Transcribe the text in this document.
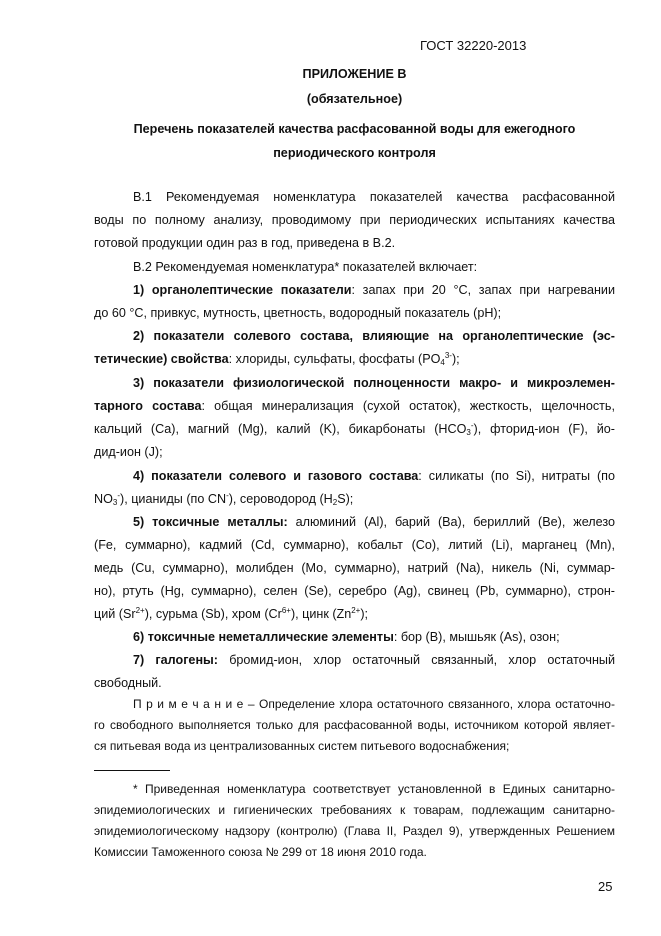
ГОСТ 32220-2013
ПРИЛОЖЕНИЕ В
(обязательное)
Перечень показателей качества расфасованной воды для ежегодного
периодического контроля
В.1 Рекомендуемая номенклатура показателей качества расфасованной
воды по полному анализу, проводимому при периодических испытаниях качества
готовой продукции один раз в год, приведена в В.2.
В.2 Рекомендуемая номенклатура* показателей включает:
1) органолептические показатели: запах при 20 °С, запах при нагревании
до 60 °С, привкус, мутность, цветность, водородный показатель (pH);
2) показатели солевого состава, влияющие на органолептические (эс-
тетические) свойства: хлориды, сульфаты, фосфаты $(PO_4^{3-})$;
3) показатели физиологической полноценности макро- и микроэлемен-
тарного состава: общая минерализация (сухой остаток), жесткость, щелочность,
кальций (Са), магний (Mg), калий (K), бикарбонаты $(HCO_3^-)$, фторид-ион (F), йо-
дид-ион (J);
4) показатели солевого и газового состава: силикаты (по Si), нитраты (по
$NO_3^-$), цианиды (по CN-), сероводород $(H_2S)$;
5) токсичные металлы: алюминий (Al), барий (Ba), бериллий (Be), железо
(Fe, суммарно), кадмий (Cd, суммарно), кобальт (Co), литий (Li), марганец (Mn),
медь (Cu, суммарно), молибден (Мо, суммарно), натрий (Na), никель (Ni, суммар-
но), ртуть (Hg, суммарно), селен (Se), серебро (Ag), свинец (Pb, суммарно), строн-
ций $(Sr^{2+})$, сурьма (Sb), хром $(Cr^{6+})$, цинк $(Zn^{2+})$;
6) токсичные неметаллические элементы: бор (B), мышьяк (As), озон;
7) галогены: бромид-ион, хлор остаточный связанный, хлор остаточный
свободный.
П р и м е ч а н и е – Определение хлора остаточного связанного, хлора остаточно-
го свободного выполняется только для расфасованной воды, источником которой являет-
ся питьевая вода из централизованных систем питьевого водоснабжения;
* Приведенная номенклатура соответствует установленной в Единых санитарно-
эпидемиологических и гигиенических требованиях к товарам, подлежащим санитарно-
эпидемиологическому надзору (контролю) (Глава II, Раздел 9), утвержденных Решением
Комиссии Таможенного союза № 299 от 18 июня 2010 года.
25
